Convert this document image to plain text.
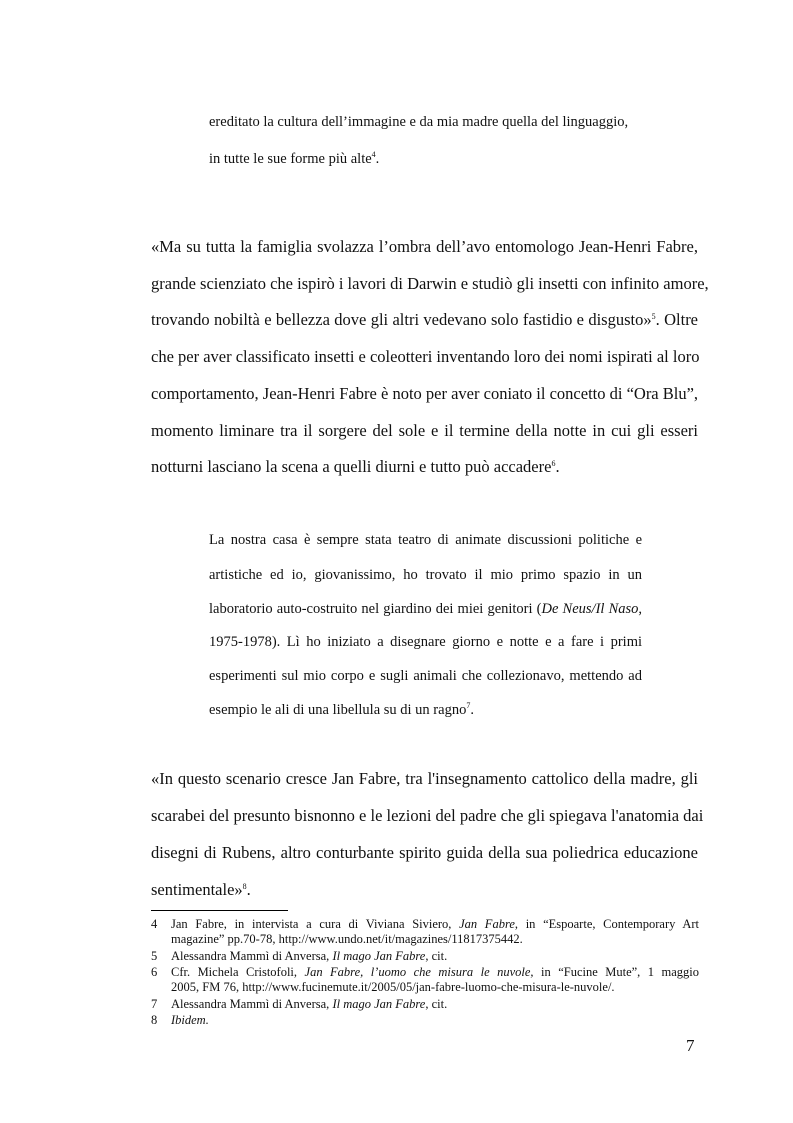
ereditato la cultura dell’immagine e da mia madre quella del linguaggio,
in tutte le sue forme più alte$^4$.
«Ma su tutta la famiglia svolazza l’ombra dell’avo entomologo Jean-Henri Fabre,
grande scienziato che ispirò i lavori di Darwin e studiò gli insetti con infinito amore,
trovando nobiltà e bellezza dove gli altri vedevano solo fastidio e disgusto»$^5$. Oltre
che per aver classificato insetti e coleotteri inventando loro dei nomi ispirati al loro
comportamento, Jean-Henri Fabre è noto per aver coniato il concetto di “Ora Blu”,
momento liminare tra il sorgere del sole e il termine della notte in cui gli esseri
notturni lasciano la scena a quelli diurni e tutto può accadere$^6$.
La nostra casa è sempre stata teatro di animate discussioni politiche e
artistiche ed io, giovanissimo, ho trovato il mio primo spazio in un
laboratorio auto-costruito nel giardino dei miei genitori (De Neus/Il Naso,
1975-1978). Lì ho iniziato a disegnare giorno e notte e a fare i primi
esperimenti sul mio corpo e sugli animali che collezionavo, mettendo ad
esempio le ali di una libellula su di un ragno$^7$.
«In questo scenario cresce Jan Fabre, tra l'insegnamento cattolico della madre, gli
scarabei del presunto bisnonno e le lezioni del padre che gli spiegava l'anatomia dai
disegni di Rubens, altro conturbante spirito guida della sua poliedrica educazione
sentimentale»$^8$.
4	Jan Fabre, in intervista a cura di Viviana Siviero, Jan Fabre, in “Espoarte, Contemporary Art
magazine” pp.70-78, http://www.undo.net/it/magazines/11817375442.
5	Alessandra Mammì di Anversa, Il mago Jan Fabre, cit.
6	Cfr. Michela Cristofoli, Jan Fabre, l’uomo che misura le nuvole, in “Fucine Mute”, 1 maggio
2005, FM 76, http://www.fucinemute.it/2005/05/jan-fabre-luomo-che-misura-le-nuvole/.
7	Alessandra Mammì di Anversa, Il mago Jan Fabre, cit.
8	Ibidem.
7
